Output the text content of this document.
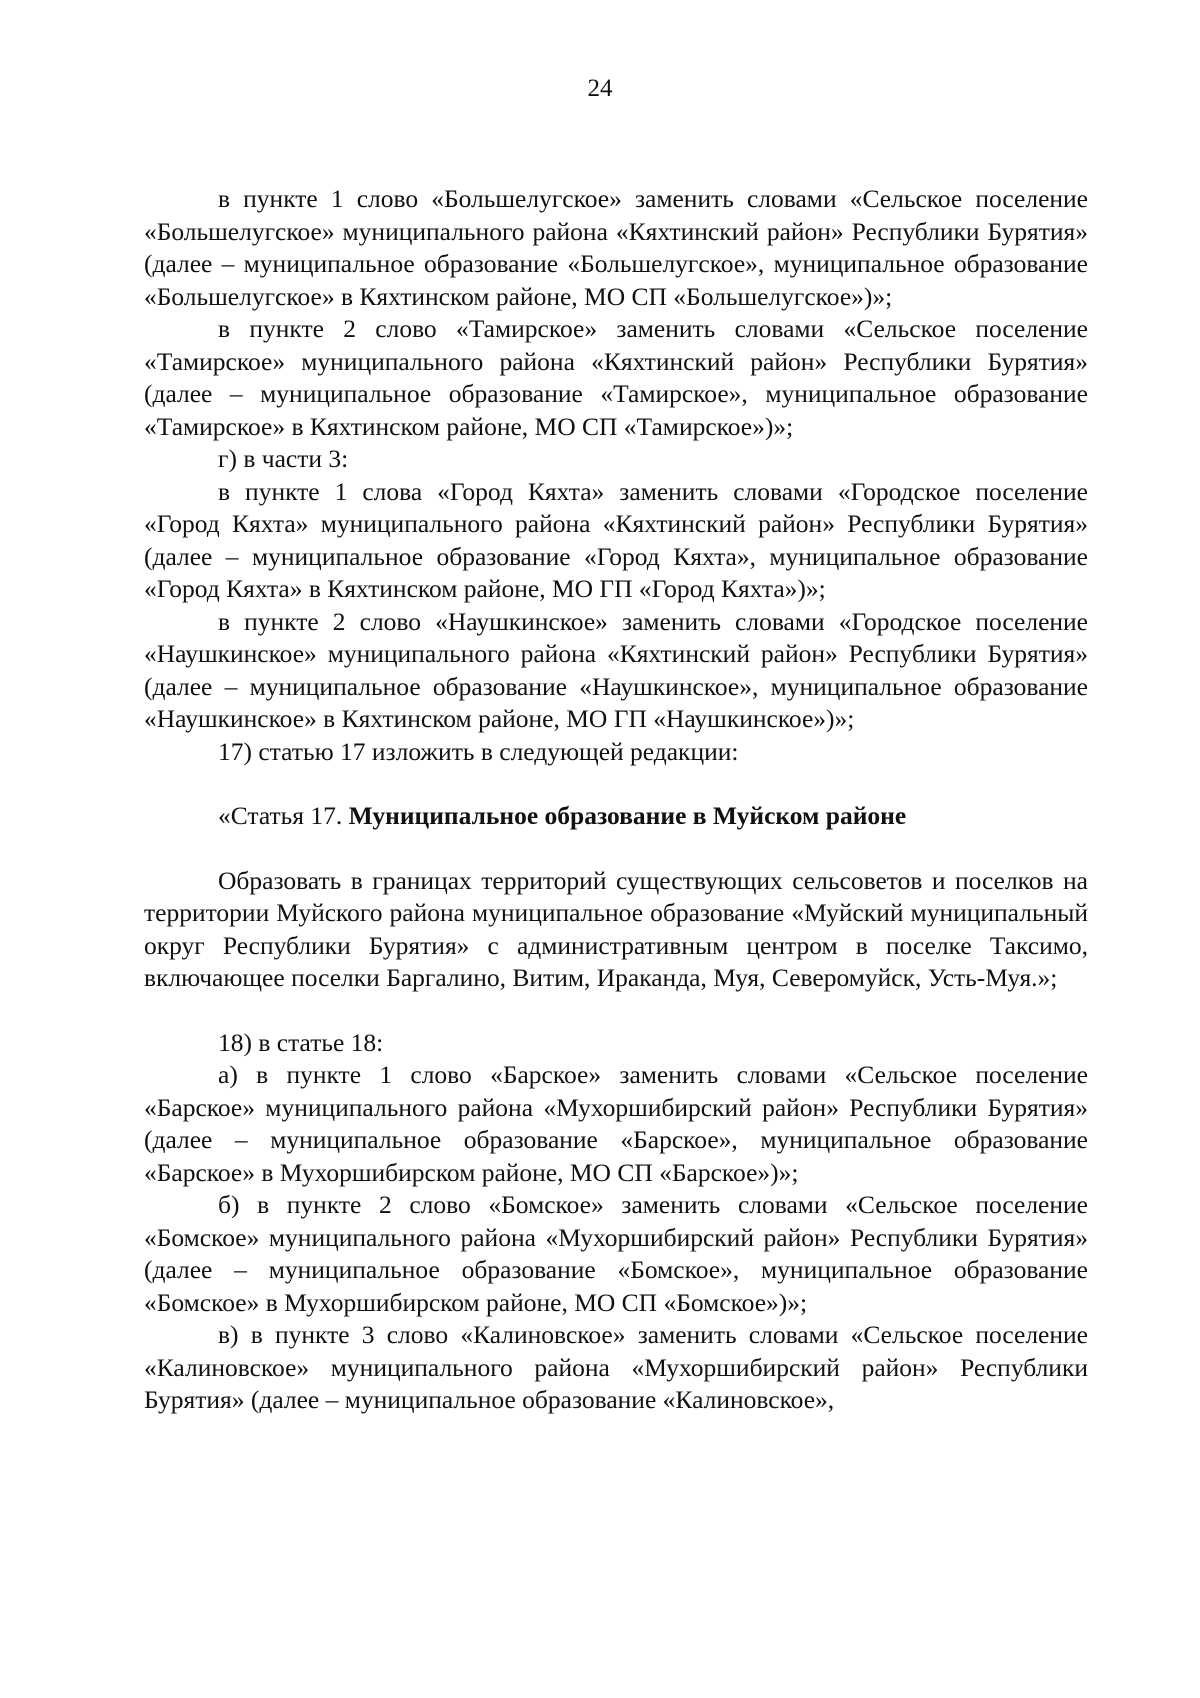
24

в пункте 1 слово «Большелугское» заменить словами «Сельское поселение «Большелугское» муниципального района «Кяхтинский район» Республики Бурятия» (далее – муниципальное образование «Большелугское», муниципальное образование «Большелугское» в Кяхтинском районе, МО СП «Большелугское»)»;

в пункте 2 слово «Тамирское» заменить словами «Сельское поселение «Тамирское» муниципального района «Кяхтинский район» Республики Бурятия» (далее – муниципальное образование «Тамирское», муниципальное образование «Тамирское» в Кяхтинском районе, МО СП «Тамирское»)»;

г) в части 3:

в пункте 1 слова «Город Кяхта» заменить словами «Городское поселение «Город Кяхта» муниципального района «Кяхтинский район» Республики Бурятия» (далее – муниципальное образование «Город Кяхта», муниципальное образование «Город Кяхта» в Кяхтинском районе, МО ГП «Город Кяхта»)»;

в пункте 2 слово «Наушкинское» заменить словами «Городское поселение «Наушкинское» муниципального района «Кяхтинский район» Республики Бурятия» (далее – муниципальное образование «Наушкинское», муниципальное образование «Наушкинское» в Кяхтинском районе, МО ГП «Наушкинское»)»;

17) статью 17 изложить в следующей редакции:

«Статья 17. Муниципальное образование в Муйском районе

Образовать в границах территорий существующих сельсоветов и поселков на территории Муйского района муниципальное образование «Муйский муниципальный округ Республики Бурятия» с административным центром в поселке Таксимо, включающее поселки Баргалино, Витим, Ираканда, Муя, Северомуйск, Усть-Муя.»;

18) в статье 18:

а) в пункте 1 слово «Барское» заменить словами «Сельское поселение «Барское» муниципального района «Мухоршибирский район» Республики Бурятия» (далее – муниципальное образование «Барское», муниципальное образование «Барское» в Мухоршибирском районе, МО СП «Барское»)»;

б) в пункте 2 слово «Бомское» заменить словами «Сельское поселение «Бомское» муниципального района «Мухоршибирский район» Республики Бурятия» (далее – муниципальное образование «Бомское», муниципальное образование «Бомское» в Мухоршибирском районе, МО СП «Бомское»)»;

в) в пункте 3 слово «Калиновское» заменить словами «Сельское поселение «Калиновское» муниципального района «Мухоршибирский район» Республики Бурятия» (далее – муниципальное образование «Калиновское»,
